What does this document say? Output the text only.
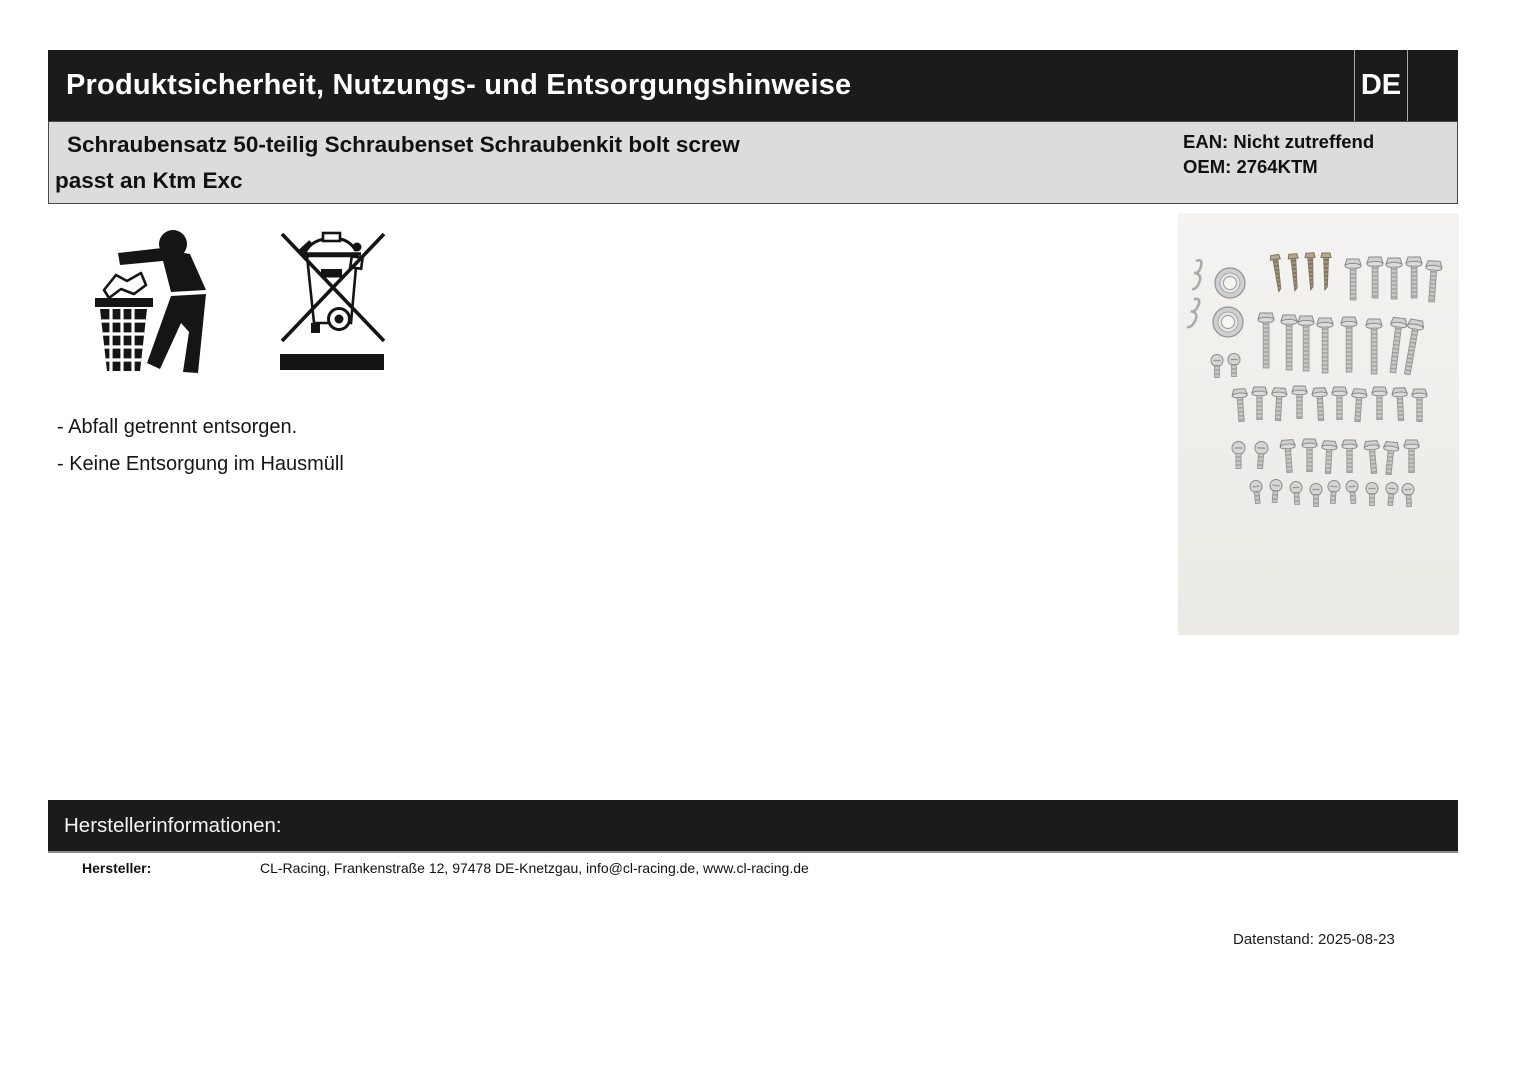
Produktsicherheit, Nutzungs- und Entsorgungshinweise	DE
Schraubensatz 50-teilig Schraubenset Schraubenkit bolt screw
passt an Ktm Exc
EAN: Nicht zutreffend
OEM: 2764KTM
- Abfall getrennt entsorgen.
- Keine Entsorgung im Hausmüll
Herstellerinformationen:
Hersteller:	CL-Racing, Frankenstraße 12, 97478 DE-Knetzgau, info@cl-racing.de, www.cl-racing.de
Datenstand: 2025-08-23
